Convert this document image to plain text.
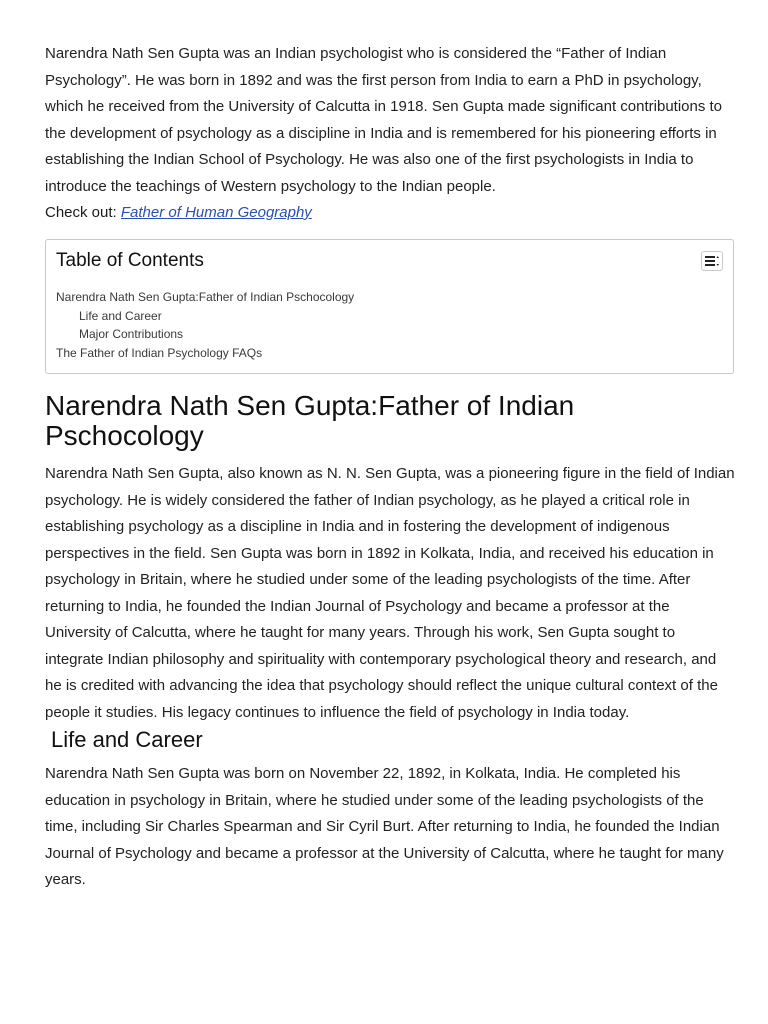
Narendra Nath Sen Gupta was an Indian psychologist who is considered the “Father of Indian Psychology”. He was born in 1892 and was the first person from India to earn a PhD in psychology, which he received from the University of Calcutta in 1918. Sen Gupta made significant contributions to the development of psychology as a discipline in India and is remembered for his pioneering efforts in establishing the Indian School of Psychology. He was also one of the first psychologists in India to introduce the teachings of Western psychology to the Indian people.

Check out: Father of Human Geography

Table of Contents
Narendra Nath Sen Gupta:Father of Indian Pschocology
Life and Career
Major Contributions
The Father of Indian Psychology FAQs
Narendra Nath Sen Gupta:Father of Indian Pschocology

Narendra Nath Sen Gupta, also known as N. N. Sen Gupta, was a pioneering figure in the field of Indian psychology. He is widely considered the father of Indian psychology, as he played a critical role in establishing psychology as a discipline in India and in fostering the development of indigenous perspectives in the field. Sen Gupta was born in 1892 in Kolkata, India, and received his education in psychology in Britain, where he studied under some of the leading psychologists of the time. After returning to India, he founded the Indian Journal of Psychology and became a professor at the University of Calcutta, where he taught for many years. Through his work, Sen Gupta sought to integrate Indian philosophy and spirituality with contemporary psychological theory and research, and he is credited with advancing the idea that psychology should reflect the unique cultural context of the people it studies. His legacy continues to influence the field of psychology in India today.

Life and Career

Narendra Nath Sen Gupta was born on November 22, 1892, in Kolkata, India. He completed his education in psychology in Britain, where he studied under some of the leading psychologists of the time, including Sir Charles Spearman and Sir Cyril Burt. After returning to India, he founded the Indian Journal of Psychology and became a professor at the University of Calcutta, where he taught for many years.
